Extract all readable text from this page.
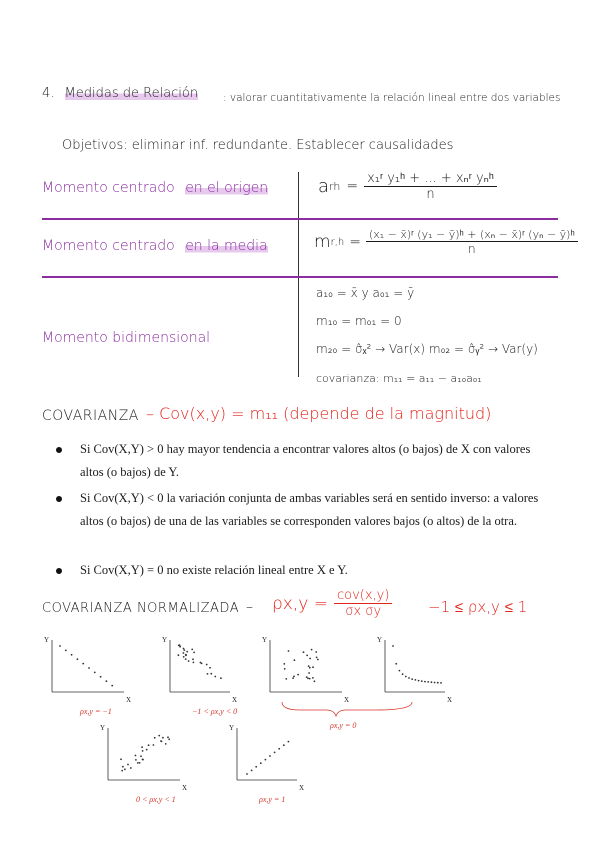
4. Medidas de Relación : valorar cuantitativamente la relación lineal entre dos variables
Objetivos: eliminar inf. redundante. Establecer causalidades
Momento centrado en el origen	a rh = $\frac{\text{x₁ʳ y₁ʰ + ... + xₙʳ yₙʰ}}{n}$
Momento centrado en la media	m $r,h = \frac{\text{(x₁ − x̄)ʳ (y₁ − ȳ)ʰ + (xₙ − x̄)ʳ (yₙ − ȳ)ʰ}}{n}$
Momento bidimensional
a₁₀ = x̄ y a₀₁ = ȳ
m₁₀ = m₀₁ = 0
m₂₀ = σ̂ₓ² → Var(x) m₀₂ = σ̂ᵧ² → Var(y)
covarianza: m₁₁ = a₁₁ − a₁₀a₀₁
COVARIANZA – Cov(x,y) = m₁₁ (depende de la magnitud)
Si Cov(X,Y) > 0 hay mayor tendencia a encontrar valores altos (o bajos) de X con valores altos (o bajos) de Y.
Si Cov(X,Y) < 0 la variación conjunta de ambas variables será en sentido inverso: a valores altos (o bajos) de una de las variables se corresponden valores bajos (o altos) de la otra.
Si Cov(X,Y) = 0 no existe relación lineal entre X e Y.
COVARIANZA NORMALIZADA – $\rho x,y = \frac{\text{cov(x,y)}}{\text{σx σy}} -1 \le \rho x,y \le 1$
Y
X
ρx,y = −1
Y
X
−1 < ρx,y < 0
Y
X
Y
X
Y
X
0 < ρx,y < 1
Y
X
ρx,y = 1
ρx,y = 0
